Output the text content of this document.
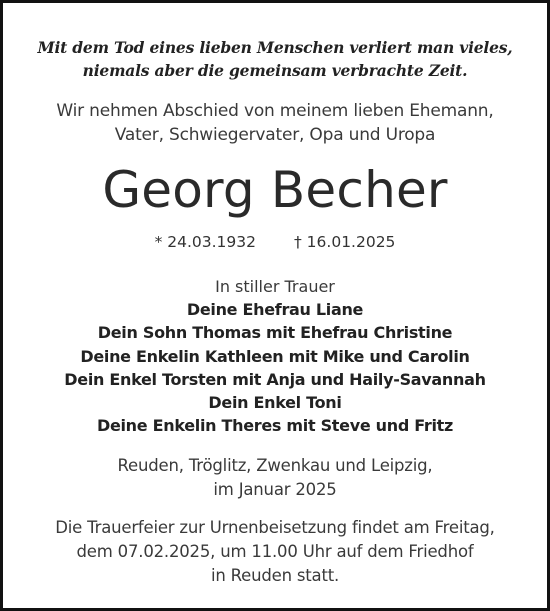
Mit dem Tod eines lieben Menschen verliert man vieles,
niemals aber die gemeinsam verbrachte Zeit.
Wir nehmen Abschied von meinem lieben Ehemann,
Vater, Schwiegervater, Opa und Uropa
Georg Becher
* 24.03.1932 † 16.01.2025
In stiller Trauer
Deine Ehefrau Liane
Dein Sohn Thomas mit Ehefrau Christine
Deine Enkelin Kathleen mit Mike und Carolin
Dein Enkel Torsten mit Anja und Haily-Savannah
Dein Enkel Toni
Deine Enkelin Theres mit Steve und Fritz
Reuden, Tröglitz, Zwenkau und Leipzig,
im Januar 2025
Die Trauerfeier zur Urnenbeisetzung findet am Freitag,
dem 07.02.2025, um 11.00 Uhr auf dem Friedhof
in Reuden statt.
